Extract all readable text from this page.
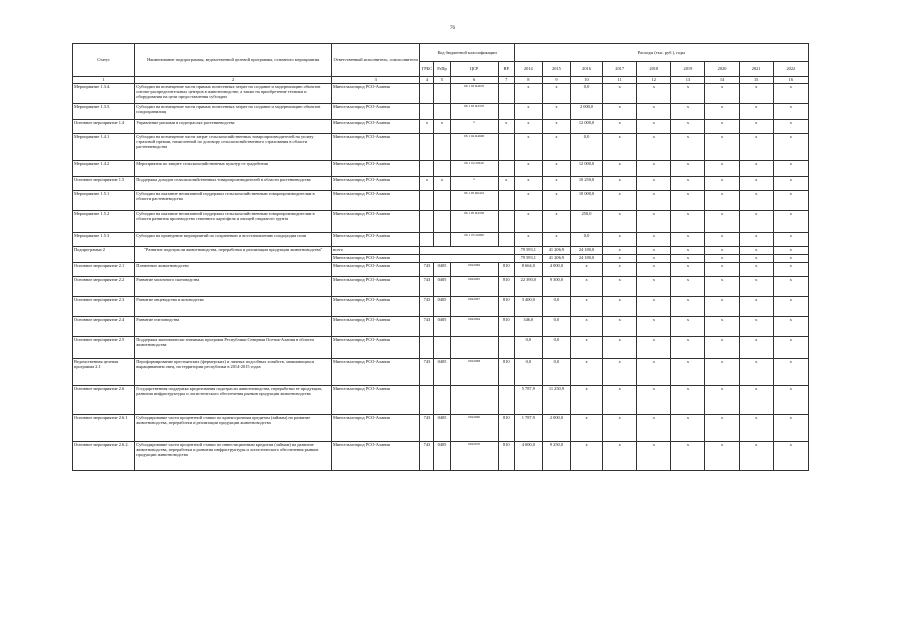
76
Статус	Наименование подпрограммы, ведомственной целевой программы, основного мероприятия	Ответственный исполнитель, соисполнители	Код бюджетной классификации				Расходы (тыс. руб.), годы								
			ГРБС	РзПр	ЦСР	ВР	2014	2015	2016	2017	2018	2019	2020	2021	2022
1	2	3	4	5	6	7	8	9	10	11	12	13	14	15	16
Мероприятие 1.3.4.	Субсидии на возмещение части прямых понесенных затрат на создание и модернизацию объектов оптово-распределительных центров в животноводстве, а также на приобретение техники и оборудования на цели предоставления субсидии	Минсельхозпрод РСО-Алания			06 1 03 R4670		x	x	0,0	x	x	x	x	x	x
Мероприятие 1.3.5.	Субсидии на возмещение части прямых понесенных затрат на создание и модернизацию объектов плодохранилищ	Минсельхозпрод РСО-Алания			06 1 03 R4370		x	x	2 000,0	x	x	x	x	x	x
Основное мероприятие 1.4	Управление рисками в подотраслях растениеводства	Минсельхозпрод РСО-Алания	x	x	x	x	x	x	12 000,0	x	x	x	x	x	x
Мероприятие 1.4.1	Субсидии на возмещение части затрат сельскохозяйственных товаропроизводителей на уплату страховой премии, начисленной по договору сельскохозяйственного страхования в области растениеводства	Минсельхозпрод РСО-Алания			06 1 04 R4600		x	x	0,0	x	x	x	x	x	x
Мероприятие 1.4.2	Мероприятия по защите сельскохозяйственных культур от градобития	Минсельхозпрод РСО-Алания			06 1 04 20610		x	x	12 000,0	x	x	x	x	x	x
Основное мероприятие 1.5	Поддержка доходов сельскохозяйственных товаропроизводителей в области растениеводства	Минсельхозпрод РСО-Алания	x	x	x	x	x	x	10 250,0	x	x	x	x	x	x
Мероприятие 1.5.1	Субсидии на оказание несвязанной поддержки сельскохозяйственным товаропроизводителям в области растениеводства	Минсельхозпрод РСО-Алания			06 1 05 R0410		x	x	10 000,0	x	x	x	x	x	x
Мероприятие 1.5.2	Субсидии на оказание несвязанной поддержки сельскохозяйственным товаропроизводителям в области развития производства семенного картофеля и овощей открытого грунта	Минсельхозпрод РСО-Алания			06 1 05 R4350		x	x	250,0	x	x	x	x	x	x
Мероприятие 1.5.3	Субсидии на проведение мероприятий по сохранению и восстановлению плодородия почв	Минсельхозпрод РСО-Алания			06 1 05 20090		x	x	0,0	x	x	x	x	x	x
Подпрограмма 2	"Развитие подотрасли животноводства, переработки и реализации продукции животноводства"	всего					79 593,1	41 206,9	24 180,0	x	x	x	x	x	x
		Минсельхозпрод РСО-Алания					79 593,1	41 206,9	24 180,0	x	x	x	x	x	x
Основное мероприятие 2.1	Племенное животноводство	Минсельхозпрод РСО-Алания	743	0405	0622066	810	8 664,0	4 000,0	x	x	x	x	x	x	x
Основное мероприятие 2.2	Развитие молочного скотоводства	Минсельхозпрод РСО-Алания	743	0405	0622065	810	22 390,0	9 300,0	x	x	x	x	x	x	x
Основное мероприятие 2.3	Развитие овцеводства и козоводства	Минсельхозпрод РСО-Алания	743	0405	0622067	810	3 400,0	0,0	x	x	x	x	x	x	x
Основное мероприятие 2.4	Развитие пчеловодства	Минсельхозпрод РСО-Алания	743	0405	0622064	810	346,0	0,0	x	x	x	x	x	x	x
Основное мероприятие 2.5	Поддержка экономически значимых программ Республики Северная Осетия-Алания в области животноводства	Минсельхозпрод РСО-Алания					0,0	0,0	x	x	x	x	x	x	x
Ведомственная целевая программа 2.1	Пероформирование крестьянских (фермерских) и личных подсобных хозяйств, занимающихся выращиванием овец, на территории республики в 2014-2015 годах	Минсельхозпрод РСО-Алания	743	0405	0622068	810	0,0	0,0	x	x	x	x	x	x	x
Основное мероприятие 2.6	Государственная поддержка кредитования подотрасли животноводства, переработки ее продукции, развития инфраструктуры и логистического обеспечения рынков продукции животноводства	Минсельхозпрод РСО-Алания					5 787,9	11 250,9	x	x	x	x	x	x	x
Основное мероприятие 2.6.1	Субсидирование части процентной ставки по краткосрочным кредитам (займам) на развитие животноводства, переработки и реализации продукции животноводства	Минсельхозпрод РСО-Алания	743	0405	0622060	810	1 787,9	2 000,0	x	x	x	x	x	x	x
Основное мероприятие 2.6.2.	Субсидирование части процентной ставки по инвестиционным кредитам (займам) на развитие животноводства, переработки и развития инфраструктуры и логистического обеспечения рынков продукции животноводства	Минсельхозпрод РСО-Алания	743	0405	0622070	810	4 000,0	9 250,0	x	x	x	x	x	x	x
